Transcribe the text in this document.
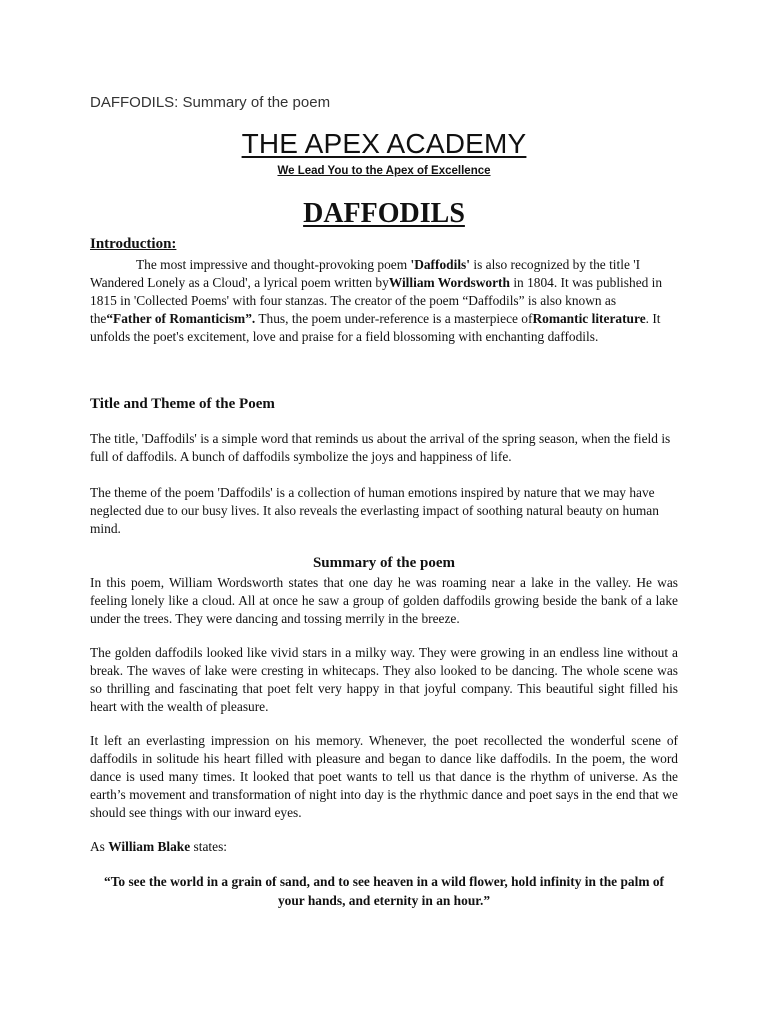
DAFFODILS: Summary of the poem
THE APEX ACADEMY
We Lead You to the Apex of Excellence
DAFFODILS
Introduction:
The most impressive and thought-provoking poem 'Daffodils' is also recognized by the title 'I Wandered Lonely as a Cloud', a lyrical poem written byWilliam Wordsworth in 1804. It was published in 1815 in 'Collected Poems' with four stanzas. The creator of the poem “Daffodils” is also known as the“Father of Romanticism”. Thus, the poem under-reference is a masterpiece ofRomantic literature. It unfolds the poet's excitement, love and praise for a field blossoming with enchanting daffodils.
Title and Theme of the Poem
The title, 'Daffodils' is a simple word that reminds us about the arrival of the spring season, when the field is full of daffodils. A bunch of daffodils symbolize the joys and happiness of life.
The theme of the poem 'Daffodils' is a collection of human emotions inspired by nature that we may have neglected due to our busy lives. It also reveals the everlasting impact of soothing natural beauty on human mind.
Summary of the poem
In this poem, William Wordsworth states that one day he was roaming near a lake in the valley. He was feeling lonely like a cloud. All at once he saw a group of golden daffodils growing beside the bank of a lake under the trees. They were dancing and tossing merrily in the breeze.
The golden daffodils looked like vivid stars in a milky way. They were growing in an endless line without a break. The waves of lake were cresting in whitecaps. They also looked to be dancing. The whole scene was so thrilling and fascinating that poet felt very happy in that joyful company. This beautiful sight filled his heart with the wealth of pleasure.
It left an everlasting impression on his memory. Whenever, the poet recollected the wonderful scene of daffodils in solitude his heart filled with pleasure and began to dance like daffodils. In the poem, the word dance is used many times. It looked that poet wants to tell us that dance is the rhythm of universe. As the earth’s movement and transformation of night into day is the rhythmic dance and poet says in the end that we should see things with our inward eyes.
As William Blake states:
“To see the world in a grain of sand, and to see heaven in a wild flower, hold infinity in the palm of your hands, and eternity in an hour.”
